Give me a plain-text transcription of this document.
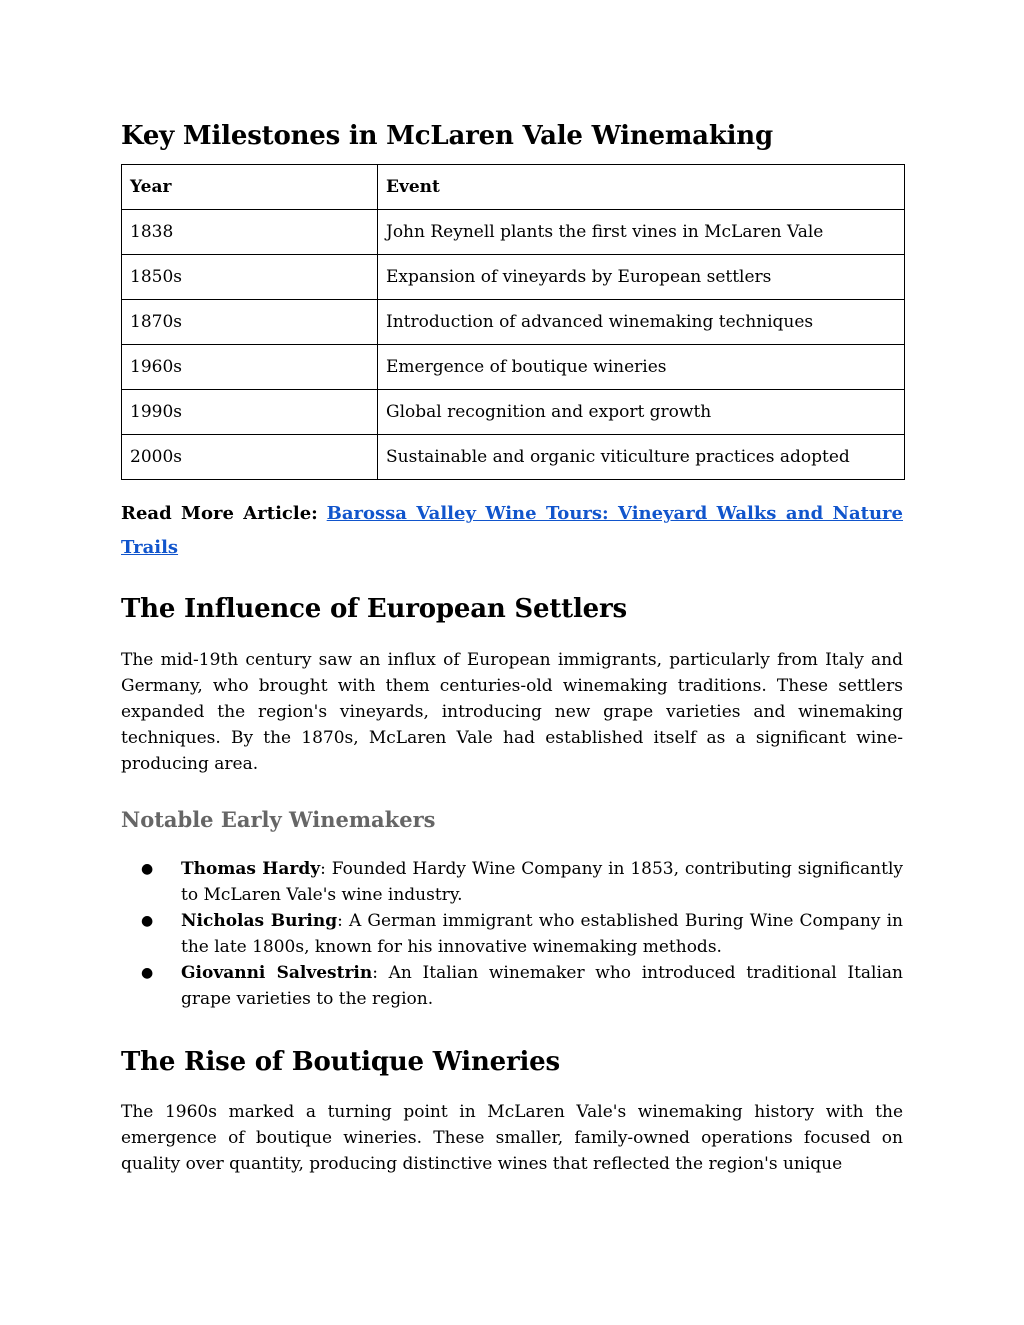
Key Milestones in McLaren Vale Winemaking
Year	Event
1838	John Reynell plants the first vines in McLaren Vale
1850s	Expansion of vineyards by European settlers
1870s	Introduction of advanced winemaking techniques
1960s	Emergence of boutique wineries
1990s	Global recognition and export growth
2000s	Sustainable and organic viticulture practices adopted
Read More Article: Barossa Valley Wine Tours: Vineyard Walks and Nature Trails
The Influence of European Settlers

The mid-19th century saw an influx of European immigrants, particularly from Italy and Germany, who brought with them centuries-old winemaking traditions. These settlers expanded the region's vineyards, introducing new grape varieties and winemaking techniques. By the 1870s, McLaren Vale had established itself as a significant wine-producing area.

Notable Early Winemakers
● Thomas Hardy: Founded Hardy Wine Company in 1853, contributing significantly to McLaren Vale's wine industry.
● Nicholas Buring: A German immigrant who established Buring Wine Company in the late 1800s, known for his innovative winemaking methods.
● Giovanni Salvestrin: An Italian winemaker who introduced traditional Italian grape varieties to the region.
The Rise of Boutique Wineries

The 1960s marked a turning point in McLaren Vale's winemaking history with the emergence of boutique wineries. These smaller, family-owned operations focused on quality over quantity, producing distinctive wines that reflected the region's unique
